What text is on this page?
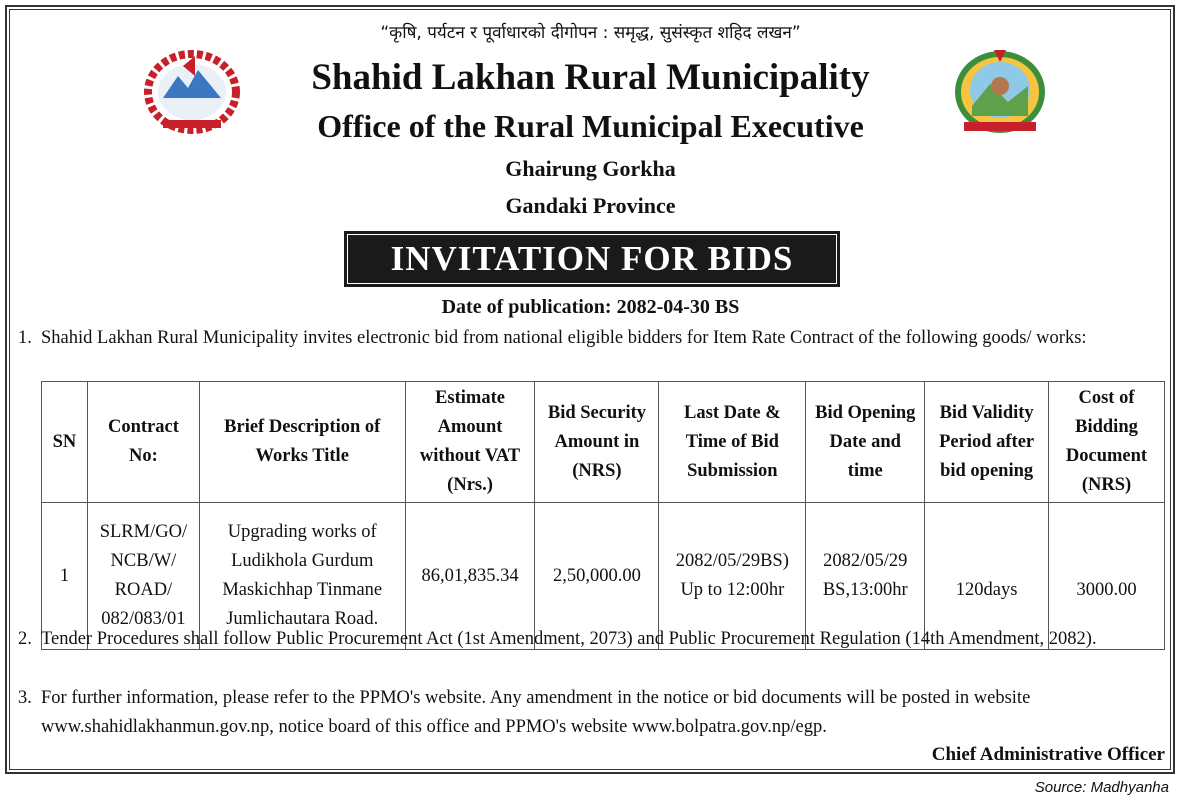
“कृषि, पर्यटन र पूर्वाधारको दीगोपन : समृद्ध, सुसंस्कृत शहिद लखन”
Shahid Lakhan Rural Municipality
Office of the Rural Municipal Executive
Ghairung Gorkha
Gandaki Province
INVITATION FOR BIDS
Date of publication: 2082-04-30 BS
1. Shahid Lakhan Rural Municipality invites electronic bid from national eligible bidders for Item Rate Contract of the following goods/ works:
SN	Contract No:	Brief Description of Works Title	Estimate Amount without VAT (Nrs.)	Bid Security Amount in (NRS)	Last Date & Time of Bid Submission	Bid Opening Date and time	Bid Validity Period after bid opening	Cost of Bidding Document (NRS)
1	SLRM/GO/ NCB/W/ ROAD/ 082/083/01	Upgrading works of Ludikhola Gurdum Maskichhap Tinmane Jumlichautara Road.	86,01,835.34	2,50,000.00	2082/05/29BS) Up to 12:00hr	2082/05/29 BS,13:00hr	120days	3000.00
2. Tender Procedures shall follow Public Procurement Act (1st Amendment, 2073) and Public Procurement Regulation (14th Amendment, 2082).
3. For further information, please refer to the PPMO's website. Any amendment in the notice or bid documents will be posted in website www.shahidlakhanmun.gov.np, notice board of this office and PPMO's website www.bolpatra.gov.np/egp.
Chief Administrative Officer
Source: Madhyanha
